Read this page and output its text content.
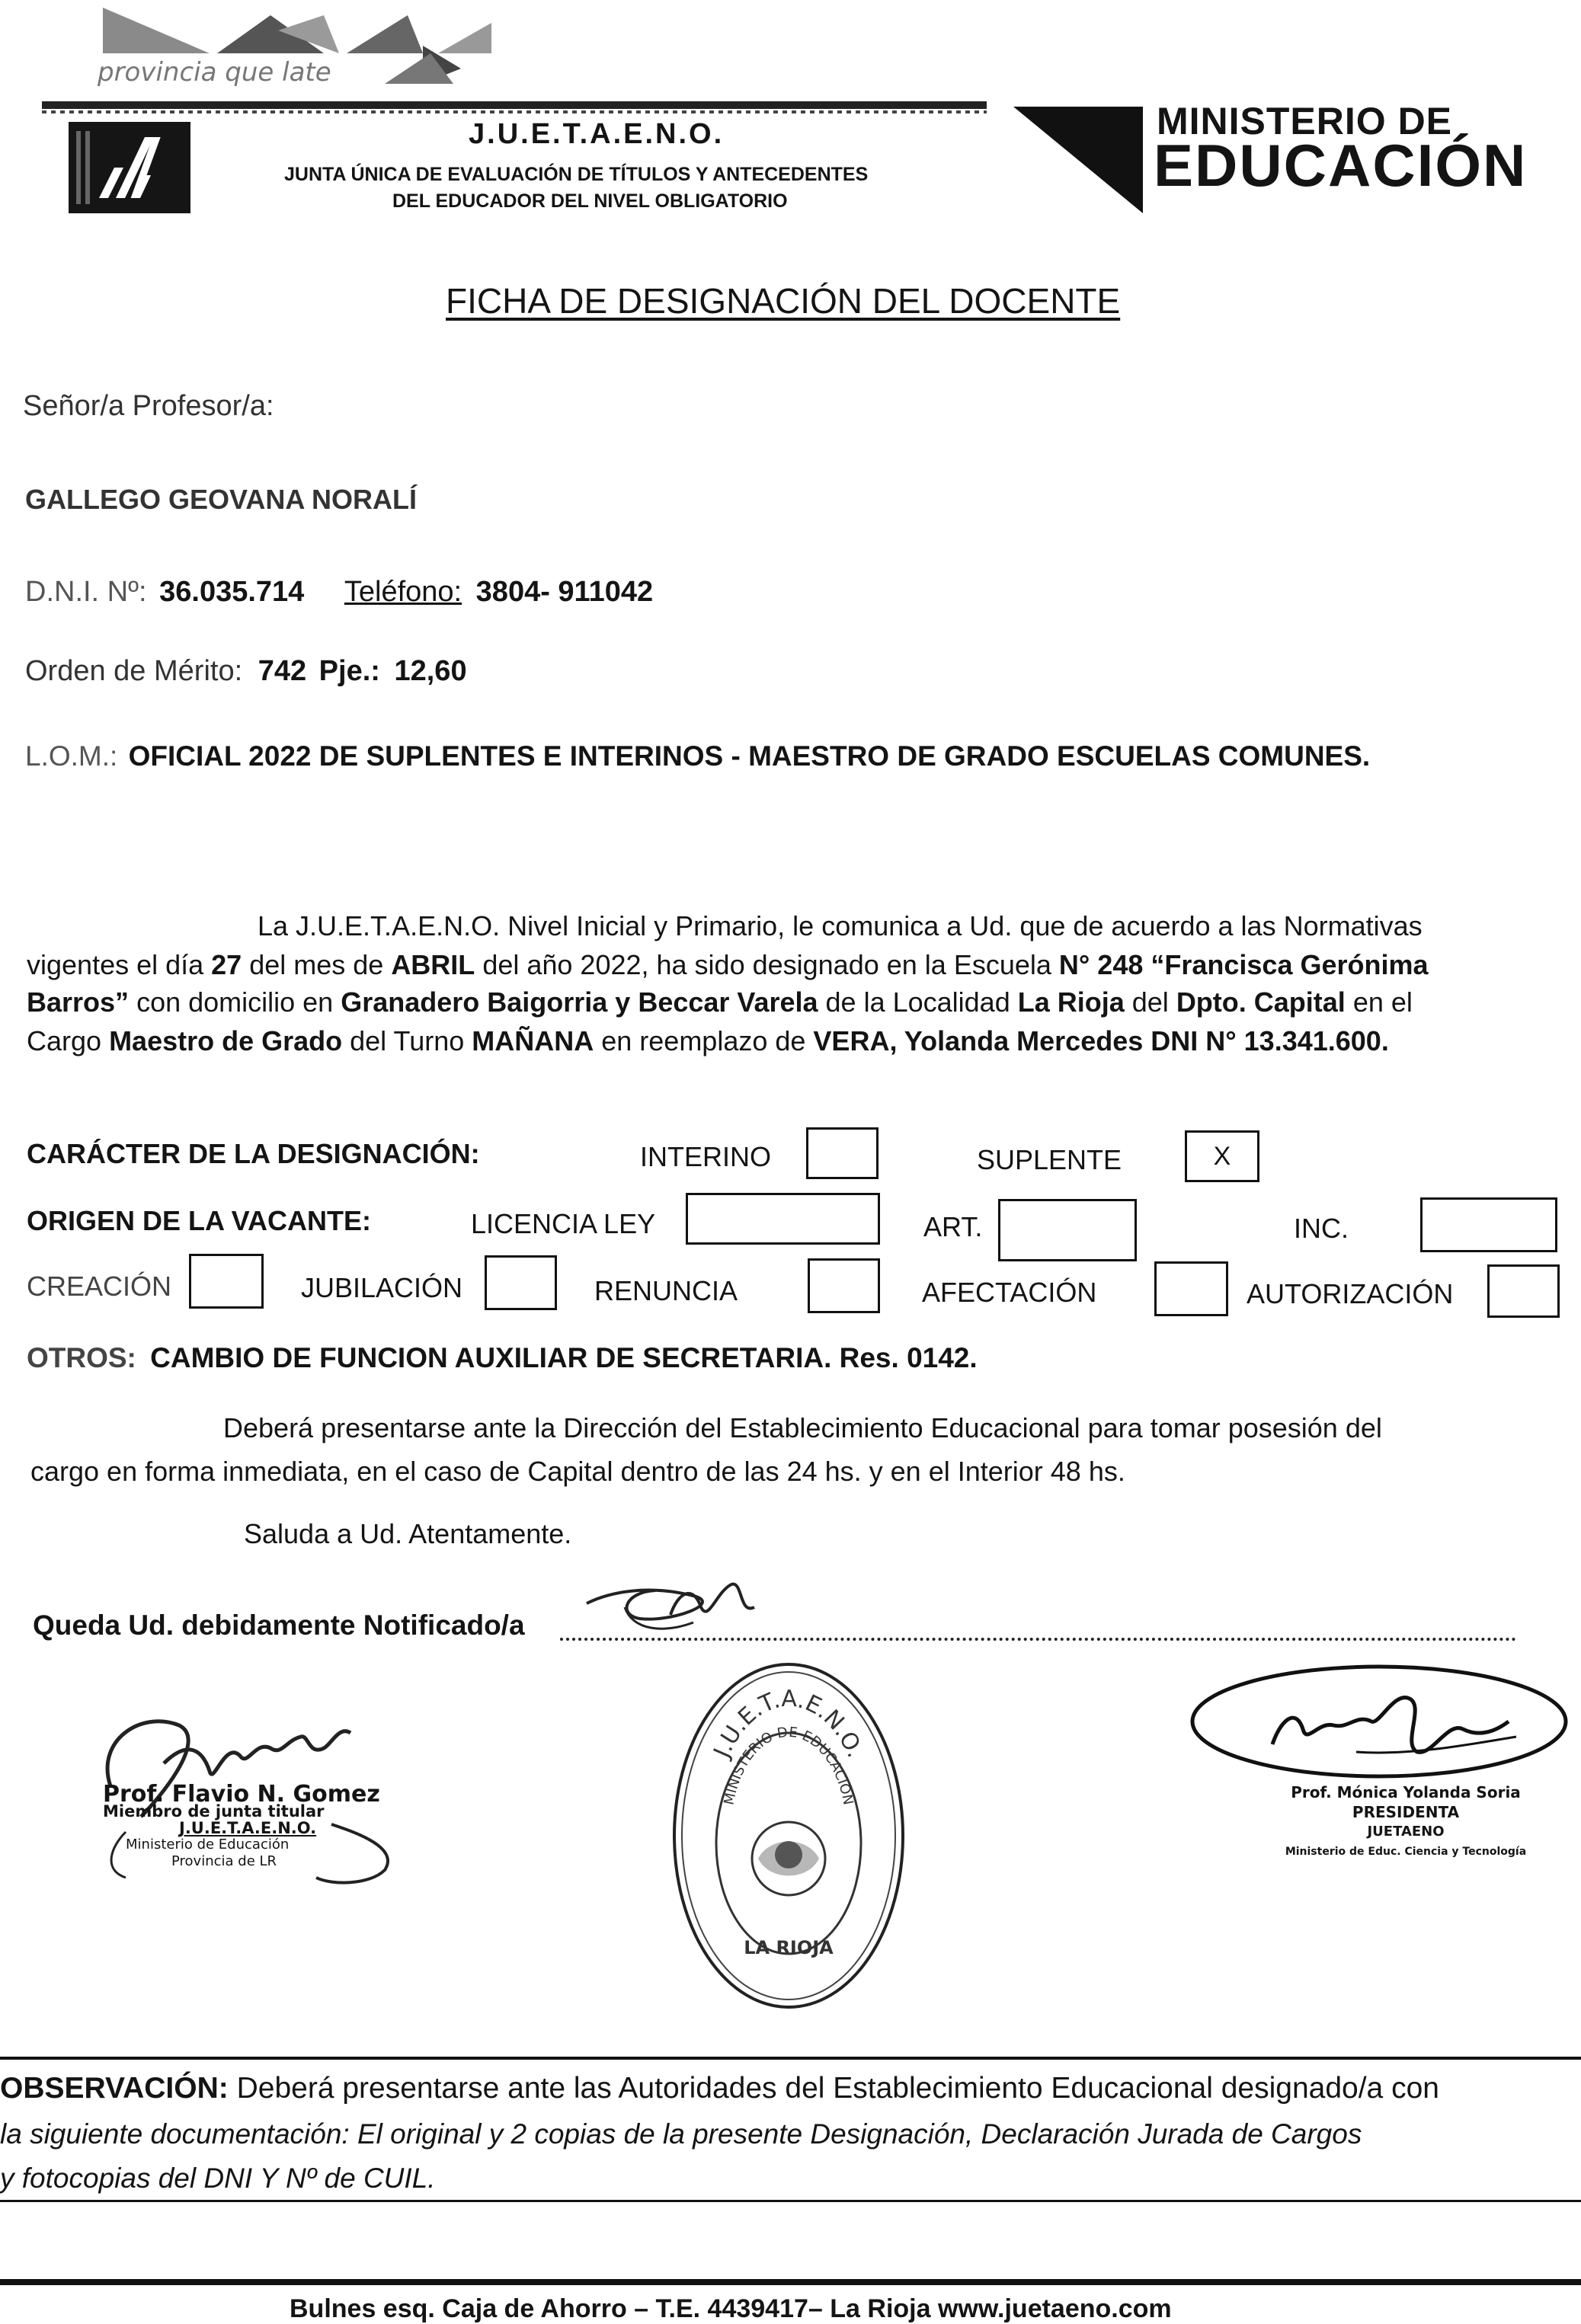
provincia que late
J.U.E.T.A.E.N.O.
JUNTA ÚNICA DE EVALUACIÓN DE TÍTULOS Y ANTECEDENTES
DEL EDUCADOR DEL NIVEL OBLIGATORIO
MINISTERIO DE
EDUCACIÓN
FICHA DE DESIGNACIÓN DEL DOCENTE
Señor/a Profesor/a:
GALLEGO GEOVANA NORALÍ
D.N.I. Nº: 36.035.714 Teléfono: 3804- 911042
Orden de Mérito: 742 Pje.: 12,60
L.O.M.: OFICIAL 2022 DE SUPLENTES E INTERINOS - MAESTRO DE GRADO ESCUELAS COMUNES.
La J.U.E.T.A.E.N.O. Nivel Inicial y Primario, le comunica a Ud. que de acuerdo a las Normativas
vigentes el día 27 del mes de ABRIL del año 2022, ha sido designado en la Escuela N° 248 “Francisca Gerónima
Barros” con domicilio en Granadero Baigorria y Beccar Varela de la Localidad La Rioja del Dpto. Capital en el
Cargo Maestro de Grado del Turno MAÑANA en reemplazo de VERA, Yolanda Mercedes DNI N° 13.341.600.
CARÁCTER DE LA DESIGNACIÓN:	INTERINO	SUPLENTE	X
ORIGEN DE LA VACANTE:	LICENCIA LEY	ART.	INC.
CREACIÓN	JUBILACIÓN	RENUNCIA	AFECTACIÓN	AUTORIZACIÓN
OTROS: CAMBIO DE FUNCION AUXILIAR DE SECRETARIA. Res. 0142.
Deberá presentarse ante la Dirección del Establecimiento Educacional para tomar posesión del
cargo en forma inmediata, en el caso de Capital dentro de las 24 hs. y en el Interior 48 hs.
Saluda a Ud. Atentamente.
Queda Ud. debidamente Notificado/a
Prof. Flavio N. Gomez
Miembro de junta titular
J.U.E.T.A.E.N.O.
Ministerio de Educación
Provincia de LR
J.U.E.T.A.E.N.O.
MINISTERIO DE EDUCACION
LA RIOJA
Prof. Mónica Yolanda Soria
PRESIDENTA
JUETAENO
Ministerio de Educ. Ciencia y Tecnología
OBSERVACIÓN: Deberá presentarse ante las Autoridades del Establecimiento Educacional designado/a con
la siguiente documentación: El original y 2 copias de la presente Designación, Declaración Jurada de Cargos
y fotocopias del DNI Y Nº de CUIL.
Bulnes esq. Caja de Ahorro – T.E. 4439417– La Rioja www.juetaeno.com
